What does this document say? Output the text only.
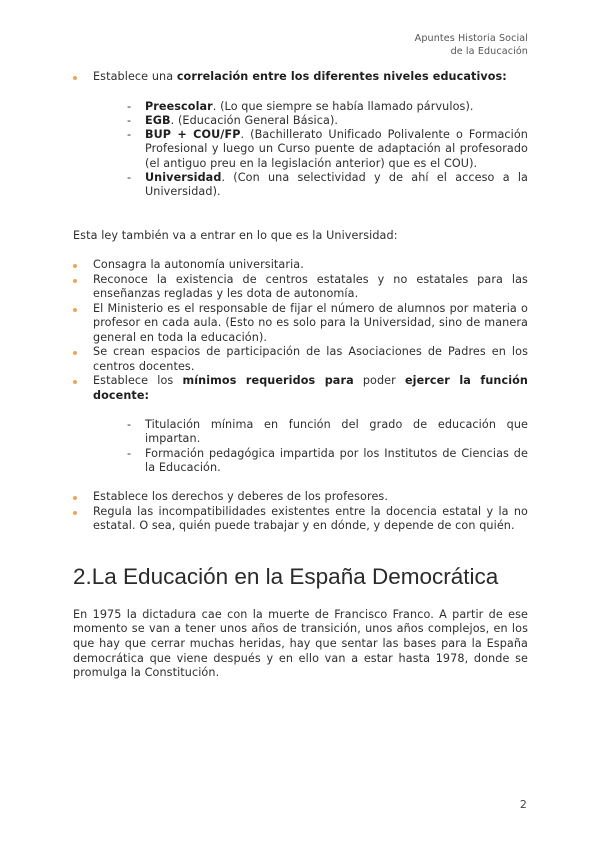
Apuntes Historia Social
de la Educación
Establece una correlación entre los diferentes niveles educativos:
- Preescolar. (Lo que siempre se había llamado párvulos).
- EGB. (Educación General Básica).
- BUP + COU/FP. (Bachillerato Unificado Polivalente o Formación Profesional y luego un Curso puente de adaptación al profesorado (el antiguo preu en la legislación anterior) que es el COU).
- Universidad. (Con una selectividad y de ahí el acceso a la Universidad).

Esta ley también va a entrar en lo que es la Universidad:

Consagra la autonomía universitaria.
Reconoce la existencia de centros estatales y no estatales para las enseñanzas regladas y les dota de autonomía.
El Ministerio es el responsable de fijar el número de alumnos por materia o profesor en cada aula. (Esto no es solo para la Universidad, sino de manera general en toda la educación).
Se crean espacios de participación de las Asociaciones de Padres en los centros docentes.
Establece los mínimos requeridos para poder ejercer la función docente:
- Titulación mínima en función del grado de educación que impartan.
- Formación pedagógica impartida por los Institutos de Ciencias de la Educación.
Establece los derechos y deberes de los profesores.
Regula las incompatibilidades existentes entre la docencia estatal y la no estatal. O sea, quién puede trabajar y en dónde, y depende de con quién.
2.La Educación en la España Democrática

En 1975 la dictadura cae con la muerte de Francisco Franco. A partir de ese momento se van a tener unos años de transición, unos años complejos, en los que hay que cerrar muchas heridas, hay que sentar las bases para la España democrática que viene después y en ello van a estar hasta 1978, donde se promulga la Constitución.

2
